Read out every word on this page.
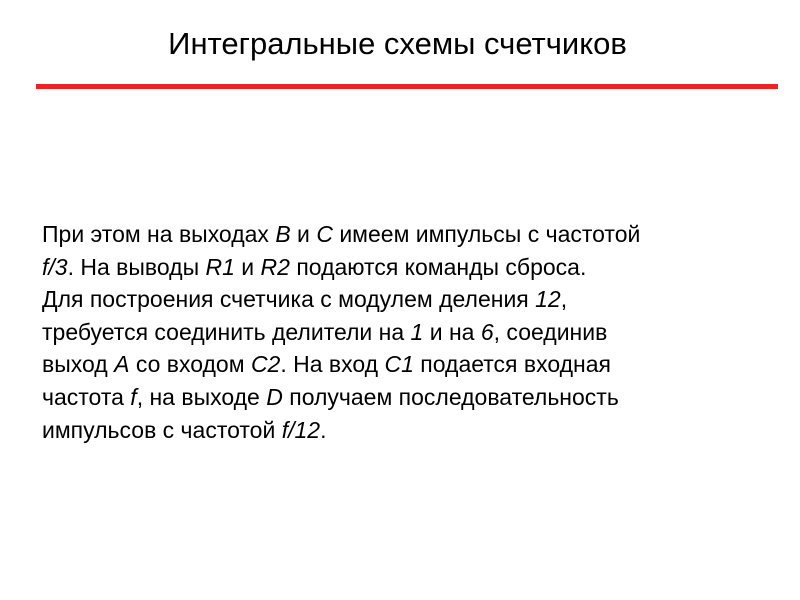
Интегральные схемы счетчиков
При этом на выходах В и С имеем импульсы с частотой
f/3. На выводы R1 и R2 подаются команды сброса.
Для построения счетчика с модулем деления 12,
требуется соединить делители на 1 и на 6, соединив
выход А со входом С2. На вход С1 подается входная
частота f, на выходе D получаем последовательность
импульсов с частотой f/12.
